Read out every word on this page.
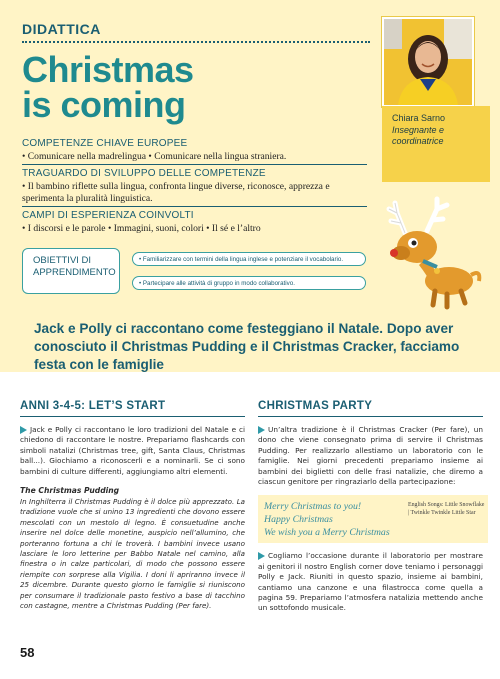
DIDATTICA
Christmas
is coming	Chiara Sarno
Insegnante e coordinatrice
COMPETENZE CHIAVE EUROPEE
• Comunicare nella madrelingua • Comunicare nella lingua straniera.
TRAGUARDO DI SVILUPPO DELLE COMPETENZE
• Il bambino riflette sulla lingua, confronta lingue diverse, riconosce, apprezza e sperimenta la pluralità linguistica.
CAMPI DI ESPERIENZA COINVOLTI
• I discorsi e le parole • Immagini, suoni, colori • Il sé e l’altro
OBIETTIVI DI APPRENDIMENTO
• Familiarizzare con termini della lingua inglese e potenziare il vocabolario.
• Partecipare alle attività di gruppo in modo collaborativo.
Jack e Polly ci raccontano come festeggiano il Natale. Dopo aver conosciuto il Christmas Pudding e il Christmas Cracker, facciamo festa con le famiglie
ANNI 3-4-5: LET’S START
Jack e Polly ci raccontano le loro tradizioni del Natale e ci chiedono di raccontare le nostre. Prepariamo flashcards con simboli natalizi (Christmas tree, gift, Santa Claus, Christmas ball...). Giochiamo a riconoscerli e a nominarli. Se ci sono bambini di culture differenti, aggiungiamo altri elementi.
The Christmas Pudding
In Inghilterra il Christmas Pudding è il dolce più apprezzato. La tradizione vuole che si unino 13 ingredienti che dovono essere mescolati con un mestolo di legno. È consuetudine anche inserire nel dolce delle monetine, auspicio nell’allumino, che porteranno fortuna a chi le troverà. I bambini invece usano lasciare le loro letterine per Babbo Natale nel camino, alla finestra o in calze particolari, di modo che possono essere riempite con sorprese alla Vigilia. I doni li apriranno invece il 25 dicembre. Durante questo giorno le famiglie si riuniscono per consumare il tradizionale pasto festivo a base di tacchino con castagne, mentre a Christmas Pudding (Per fare).
CHRISTMAS PARTY
Un’altra tradizione è il Christmas Cracker (Per fare), un dono che viene consegnato prima di servire il Christmas Pudding. Per realizzarlo allestiamo un laboratorio con le famiglie. Nei giorni precedenti prepariamo insieme ai bambini dei biglietti con delle frasi natalizie, che diremo a ciascun genitore per ringraziarlo della partecipazione:
Merry Christmas to you!
Happy Christmas
We wish you a Merry Christmas
English Songs: Little Snowflake | Twinkle Twinkle Little Star
Cogliamo l’occasione durante il laboratorio per mostrare ai genitori il nostro English corner dove teniamo i personaggi Polly e Jack. Riuniti in questo spazio, insieme ai bambini, cantiamo una canzone e una filastrocca come quella a pagina 59. Prepariamo l’atmosfera natalizia mettendo anche un sottofondo musicale.
58
